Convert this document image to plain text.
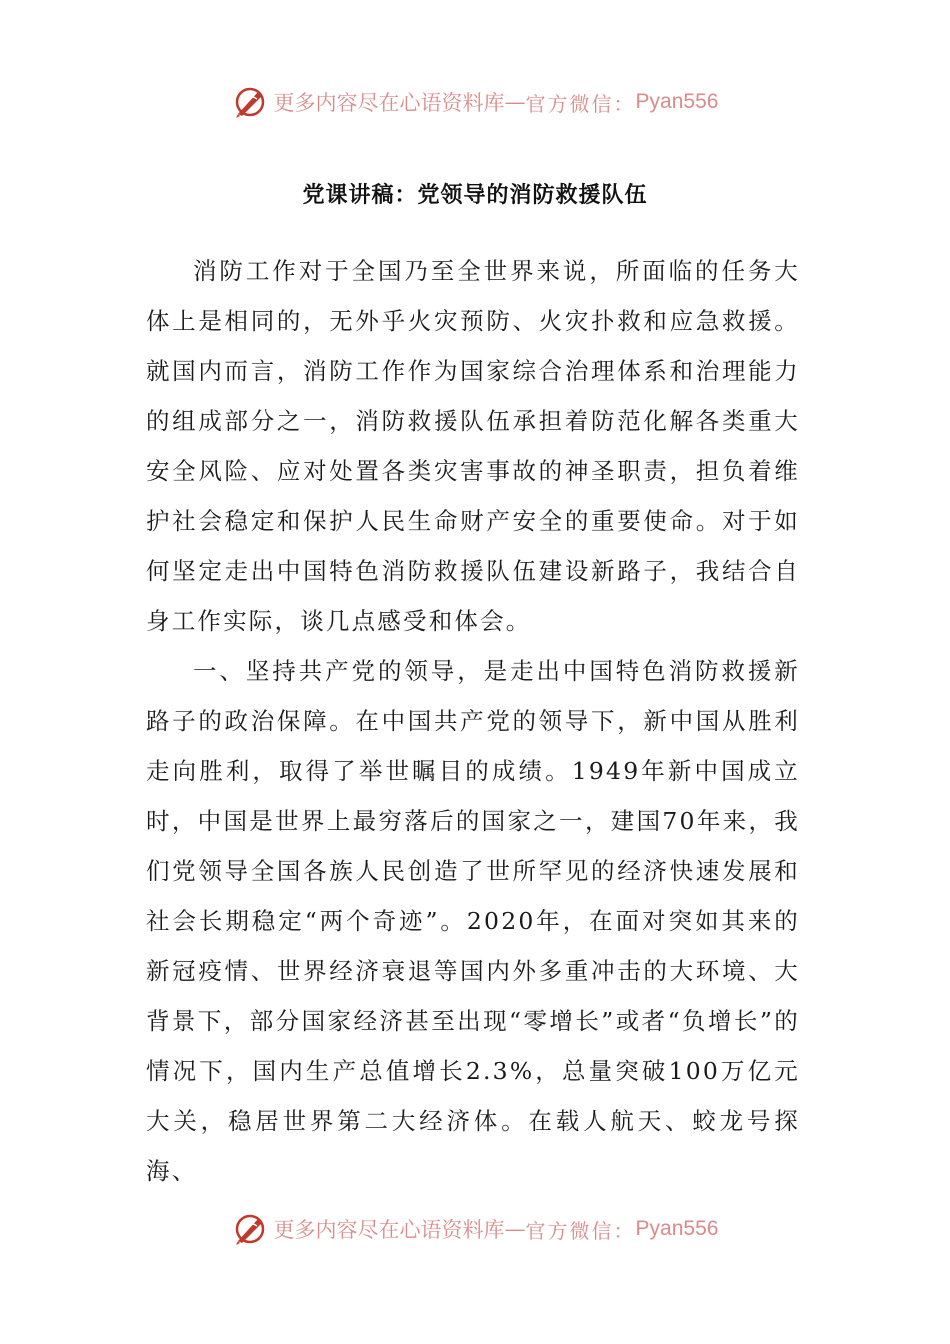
更多内容尽在心语资料库 — 官方微信： Pyan556
党课讲稿：党领导的消防救援队伍

消防工作对于全国乃至全世界来说，所面临的任务大体上是相同的，无外乎火灾预防、火灾扑救和应急救援。就国内而言，消防工作作为国家综合治理体系和治理能力的组成部分之一，消防救援队伍承担着防范化解各类重大安全风险、应对处置各类灾害事故的神圣职责，担负着维护社会稳定和保护人民生命财产安全的重要使命。对于如何坚定走出中国特色消防救援队伍建设新路子，我结合自身工作实际，谈几点感受和体会。

一、坚持共产党的领导，是走出中国特色消防救援新路子的政治保障。在中国共产党的领导下，新中国从胜利走向胜利，取得了举世瞩目的成绩。1949年新中国成立时，中国是世界上最穷落后的国家之一，建国70年来，我们党领导全国各族人民创造了世所罕见的经济快速发展和社会长期稳定“两个奇迹”。2020年，在面对突如其来的新冠疫情、世界经济衰退等国内外多重冲击的大环境、大背景下，部分国家经济甚至出现“零增长”或者“负增长”的情况下，国内生产总值增长2.3%，总量突破100万亿元大关，稳居世界第二大经济体。在载人航天、蛟龙号探海、

更多内容尽在心语资料库 — 官方微信： Pyan556
